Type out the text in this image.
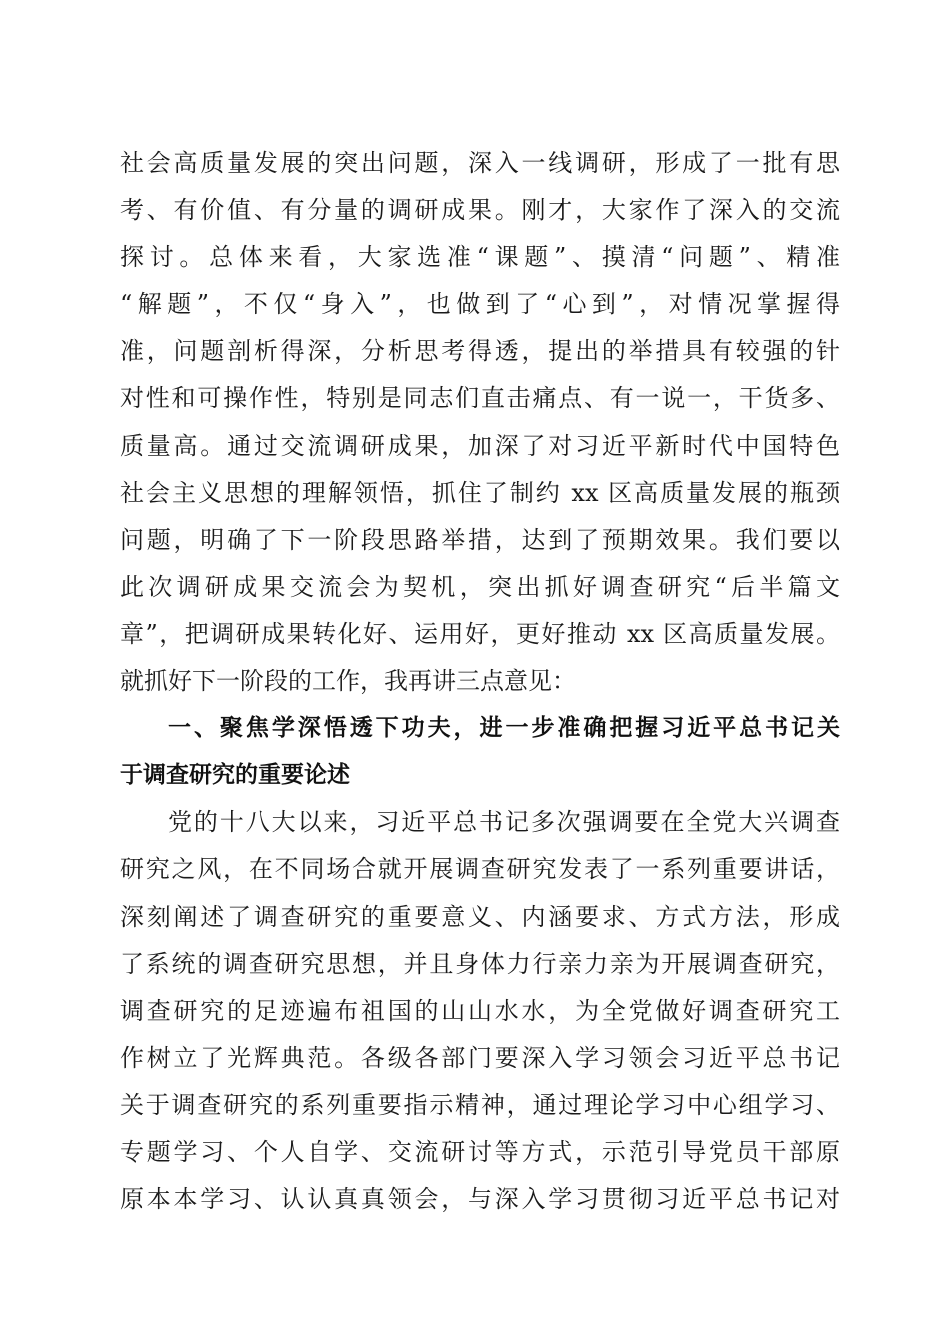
社会高质量发展的突出问题，深入一线调研，形成了一批有思
考、有价值、有分量的调研成果。刚才，大家作了深入的交流
探讨。总体来看，大家选准“课题”、摸清“问题”、精准
“解题”，不仅“身入”，也做到了“心到”，对情况掌握得
准，问题剖析得深，分析思考得透，提出的举措具有较强的针
对性和可操作性，特别是同志们直击痛点、有一说一，干货多、
质量高。通过交流调研成果，加深了对习近平新时代中国特色
社会主义思想的理解领悟，抓住了制约 xx 区高质量发展的瓶颈
问题，明确了下一阶段思路举措，达到了预期效果。我们要以
此次调研成果交流会为契机，突出抓好调查研究“后半篇文
章”，把调研成果转化好、运用好，更好推动 xx 区高质量发展。
就抓好下一阶段的工作，我再讲三点意见：
一、聚焦学深悟透下功夫，进一步准确把握习近平总书记关
于调查研究的重要论述
党的十八大以来，习近平总书记多次强调要在全党大兴调查
研究之风，在不同场合就开展调查研究发表了一系列重要讲话，
深刻阐述了调查研究的重要意义、内涵要求、方式方法，形成
了系统的调查研究思想，并且身体力行亲力亲为开展调查研究，
调查研究的足迹遍布祖国的山山水水，为全党做好调查研究工
作树立了光辉典范。各级各部门要深入学习领会习近平总书记
关于调查研究的系列重要指示精神，通过理论学习中心组学习、
专题学习、个人自学、交流研讨等方式，示范引导党员干部原
原本本学习、认认真真领会，与深入学习贯彻习近平总书记对
